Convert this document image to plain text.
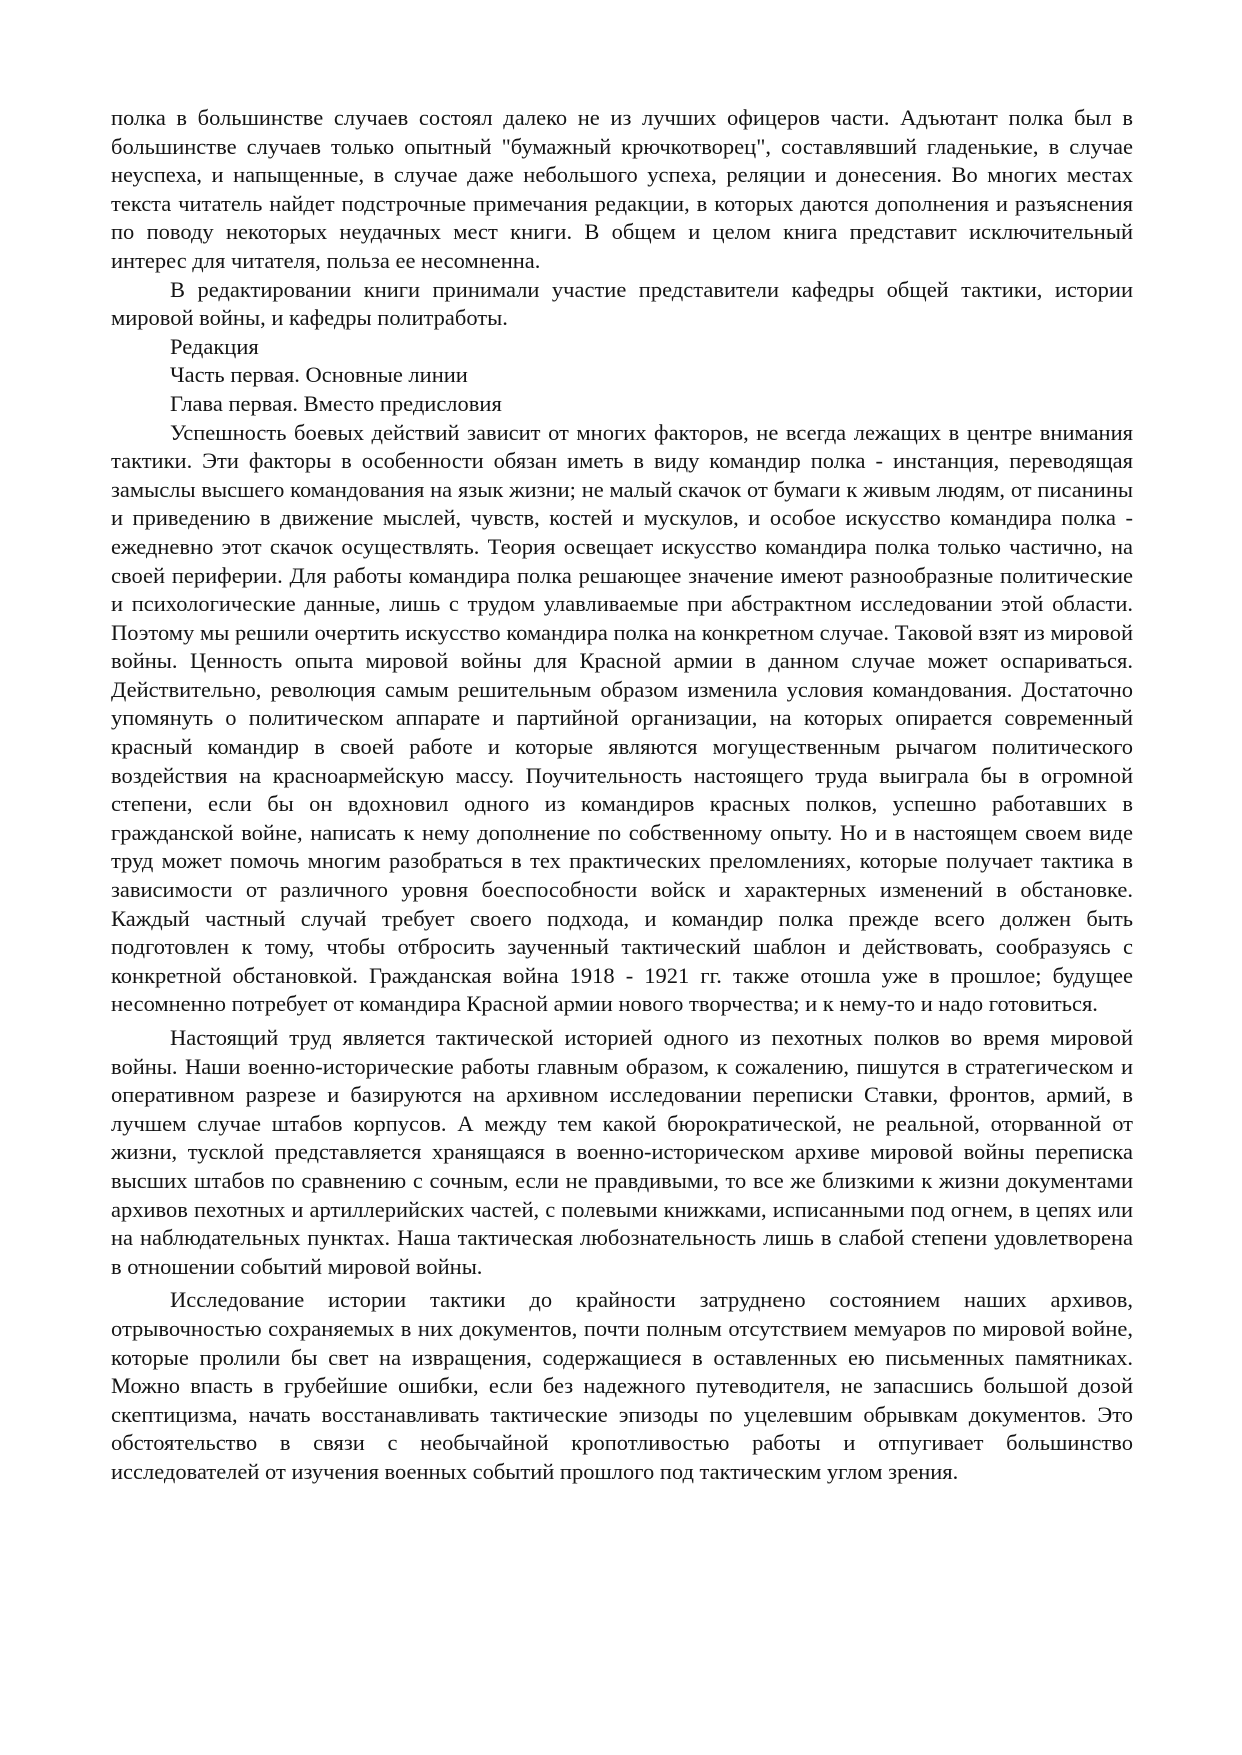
полка в большинстве случаев состоял далеко не из лучших офицеров части. Адъютант полка был в большинстве случаев только опытный "бумажный крючкотворец", составлявший гладенькие, в случае неуспеха, и напыщенные, в случае даже небольшого успеха, реляции и донесения. Во многих местах текста читатель найдет подстрочные примечания редакции, в которых даются дополнения и разъяснения по поводу некоторых неудачных мест книги. В общем и целом книга представит исключительный интерес для читателя, польза ее несомненна.

В редактировании книги принимали участие представители кафедры общей тактики, истории мировой войны, и кафедры политработы.

Редакция

Часть первая. Основные линии

Глава первая. Вместо предисловия

Успешность боевых действий зависит от многих факторов, не всегда лежащих в центре внимания тактики. Эти факторы в особенности обязан иметь в виду командир полка - инстанция, переводящая замыслы высшего командования на язык жизни; не малый скачок от бумаги к живым людям, от писанины и приведению в движение мыслей, чувств, костей и мускулов, и особое искусство командира полка - ежедневно этот скачок осуществлять. Теория освещает искусство командира полка только частично, на своей периферии. Для работы командира полка решающее значение имеют разнообразные политические и психологические данные, лишь с трудом улавливаемые при абстрактном исследовании этой области. Поэтому мы решили очертить искусство командира полка на конкретном случае. Таковой взят из мировой войны. Ценность опыта мировой войны для Красной армии в данном случае может оспариваться. Действительно, революция самым решительным образом изменила условия командования. Достаточно упомянуть о политическом аппарате и партийной организации, на которых опирается современный красный командир в своей работе и которые являются могущественным рычагом политического воздействия на красноармейскую массу. Поучительность настоящего труда выиграла бы в огромной степени, если бы он вдохновил одного из командиров красных полков, успешно работавших в гражданской войне, написать к нему дополнение по собственному опыту. Но и в настоящем своем виде труд может помочь многим разобраться в тех практических преломлениях, которые получает тактика в зависимости от различного уровня боеспособности войск и характерных изменений в обстановке. Каждый частный случай требует своего подхода, и командир полка прежде всего должен быть подготовлен к тому, чтобы отбросить заученный тактический шаблон и действовать, сообразуясь с конкретной обстановкой. Гражданская война 1918 - 1921 гг. также отошла уже в прошлое; будущее несомненно потребует от командира Красной армии нового творчества; и к нему-то и надо готовиться.

Настоящий труд является тактической историей одного из пехотных полков во время мировой войны. Наши военно-исторические работы главным образом, к сожалению, пишутся в стратегическом и оперативном разрезе и базируются на архивном исследовании переписки Ставки, фронтов, армий, в лучшем случае штабов корпусов. А между тем какой бюрократической, не реальной, оторванной от жизни, тусклой представляется хранящаяся в военно-историческом архиве мировой войны переписка высших штабов по сравнению с сочным, если не правдивыми, то все же близкими к жизни документами архивов пехотных и артиллерийских частей, с полевыми книжками, исписанными под огнем, в цепях или на наблюдательных пунктах. Наша тактическая любознательность лишь в слабой степени удовлетворена в отношении событий мировой войны.

Исследование истории тактики до крайности затруднено состоянием наших архивов, отрывочностью сохраняемых в них документов, почти полным отсутствием мемуаров по мировой войне, которые пролили бы свет на извращения, содержащиеся в оставленных ею письменных памятниках. Можно впасть в грубейшие ошибки, если без надежного путеводителя, не запасшись большой дозой скептицизма, начать восстанавливать тактические эпизоды по уцелевшим обрывкам документов. Это обстоятельство в связи с необычайной кропотливостью работы и отпугивает большинство исследователей от изучения военных событий прошлого под тактическим углом зрения.
